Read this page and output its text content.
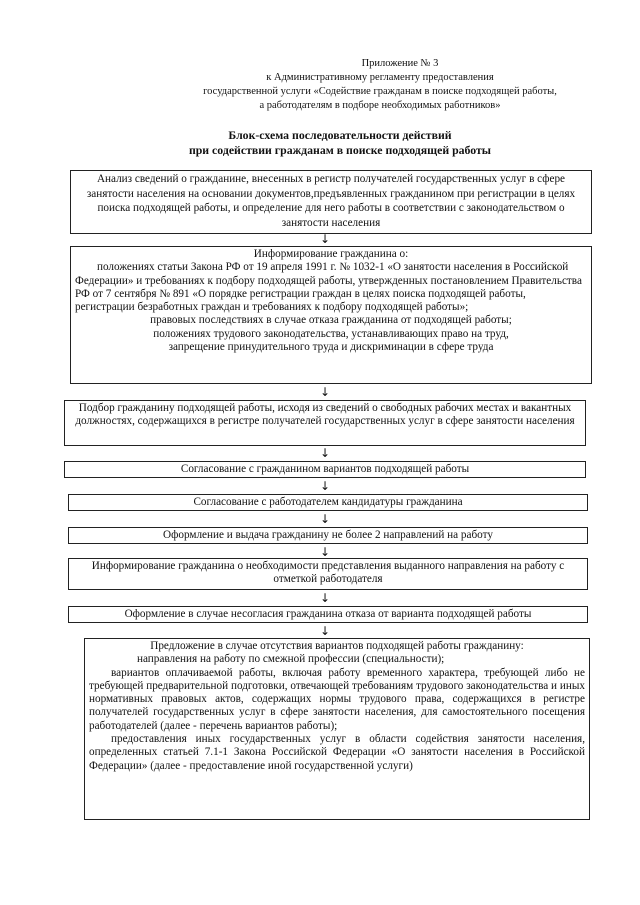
Приложение № 3
к Административному регламенту предоставления
государственной услуги «Содействие гражданам в поиске подходящей работы,
а работодателям в подборе необходимых работников»
Блок-схема последовательности действий
при содействии гражданам в поиске подходящей работы
Анализ сведений о гражданине, внесенных в регистр получателей государственных услуг в сфере занятости населения на основании документов,предъявленных гражданином при регистрации в целях поиска подходящей работы, и определение для него работы в соответствии с законодательством о занятости населения
↓

Информирование гражданина о:

положениях статьи Закона РФ от 19 апреля 1991 г. № 1032-1 «О занятости населения в Российской Федерации» и требованиях к подбору подходящей работы, утвержденных постановлением Правительства РФ от 7 сентября № 891 «О порядке регистрации граждан в целях поиска подходящей работы, регистрации безработных граждан и требованиях к подбору подходящей работы»;

правовых последствиях в случае отказа гражданина от подходящей работы;

положениях трудового законодательства, устанавливающих право на труд,

запрещение принудительного труда и дискриминации в сфере труда

↓
Подбор гражданину подходящей работы, исходя из сведений о свободных рабочих местах и вакантных должностях, содержащихся в регистре получателей государственных услуг в сфере занятости населения
↓
Согласование с гражданином вариантов подходящей работы
↓
Согласование с работодателем кандидатуры гражданина
↓
Оформление и выдача гражданину не более 2 направлений на работу
↓
Информирование гражданина о необходимости представления выданного направления на работу с отметкой работодателя
↓
Оформление в случае несогласия гражданина отказа от варианта подходящей работы
↓

Предложение в случае отсутствия вариантов подходящей работы гражданину:

направления на работу по смежной профессии (специальности);

вариантов оплачиваемой работы, включая работу временного характера, требующей либо не требующей предварительной подготовки, отвечающей требованиям трудового законодательства и иных нормативных правовых актов, содержащих нормы трудового права, содержащихся в регистре получателей государственных услуг в сфере занятости населения, для самостоятельного посещения работодателей (далее - перечень вариантов работы);

предоставления иных государственных услуг в области содействия занятости населения, определенных статьей 7.1-1 Закона Российской Федерации «О занятости населения в Российской Федерации» (далее - предоставление иной государственной услуги)
